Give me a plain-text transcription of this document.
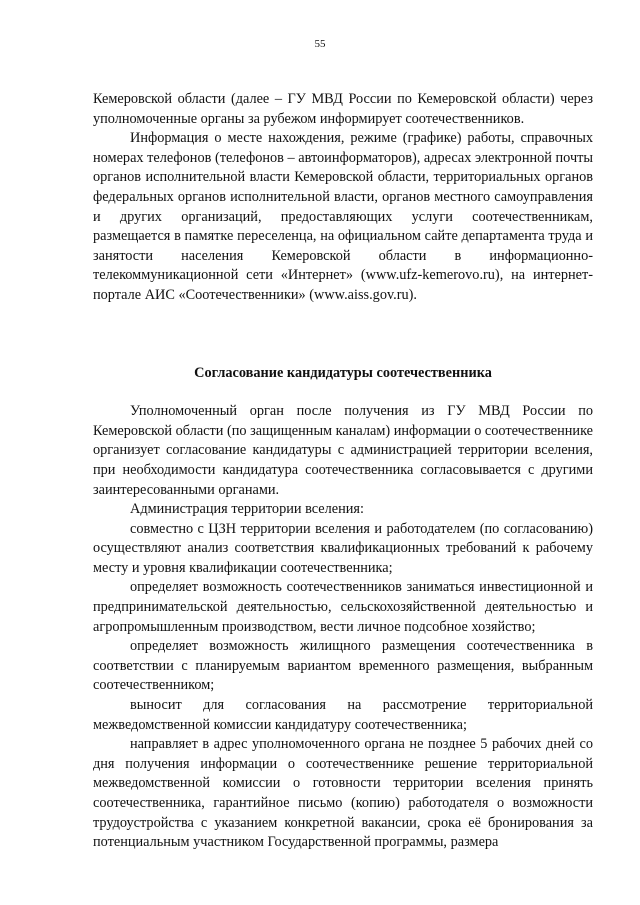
55

Кемеровской области (далее – ГУ МВД России по Кемеровской области) через уполномоченные органы за рубежом информирует соотечественников.

Информация о месте нахождения, режиме (графике) работы, справочных номерах телефонов (телефонов – автоинформаторов), адресах электронной почты органов исполнительной власти Кемеровской области, территориальных органов федеральных органов исполнительной власти, органов местного самоуправления и других организаций, предоставляющих услуги соотечественникам, размещается в памятке переселенца, на официальном сайте департамента труда и занятости населения Кемеровской области в информационно-телекоммуникационной сети «Интернет» (www.ufz-kemerovo.ru), на интернет-портале АИС «Соотечественники» (www.aiss.gov.ru).

Согласование кандидатуры соотечественника

Уполномоченный орган после получения из ГУ МВД России по Кемеровской области (по защищенным каналам) информации о соотечественнике организует согласование кандидатуры с администрацией территории вселения, при необходимости кандидатура соотечественника согласовывается с другими заинтересованными органами.

Администрация территории вселения:

совместно с ЦЗН территории вселения и работодателем (по согласованию) осуществляют анализ соответствия квалификационных требований к рабочему месту и уровня квалификации соотечественника;

определяет возможность соотечественников заниматься инвестиционной и предпринимательской деятельностью, сельскохозяйственной деятельностью и агропромышленным производством, вести личное подсобное хозяйство;

определяет возможность жилищного размещения соотечественника в соответствии с планируемым вариантом временного размещения, выбранным соотечественником;

выносит для согласования на рассмотрение территориальной межведомственной комиссии кандидатуру соотечественника;

направляет в адрес уполномоченного органа не позднее 5 рабочих дней со дня получения информации о соотечественнике решение территориальной межведомственной комиссии о готовности территории вселения принять соотечественника, гарантийное письмо (копию) работодателя о возможности трудоустройства с указанием конкретной вакансии, срока её бронирования за потенциальным участником Государственной программы, размера
